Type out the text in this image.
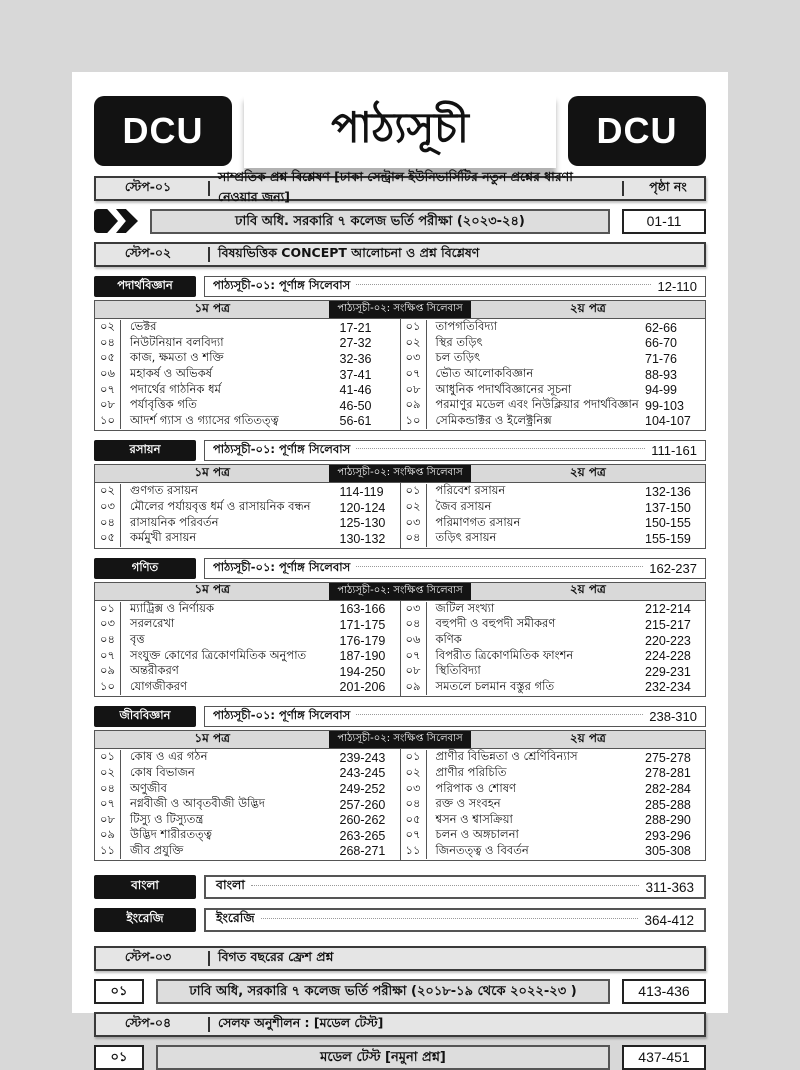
DCU	পাঠ্যসূচী	DCU
স্টেপ-০১
সাম্প্রতিক প্রশ্ন বিশ্লেষণ [ঢাকা সেন্ট্রাল ইউনিভার্সিটির নতুন প্রশ্নের ধারণা নেওয়ার জন্য]
পৃষ্ঠা নং
ঢাবি অধি. সরকারি ৭ কলেজ ভর্তি পরীক্ষা (২০২৩-২৪)	01-11
স্টেপ-০২	বিষয়ভিত্তিক CONCEPT আলোচনা ও প্রশ্ন বিশ্লেষণ
পদার্থবিজ্ঞান	পাঠ্যসূচী-০১: পূর্ণাঙ্গ সিলেবাস	12-110
১ম পত্র	পাঠ্যসূচী-০২: সংক্ষিপ্ত সিলেবাস	২য় পত্র
০২	ভেক্টর	17-21
০৪	নিউটনিয়ান বলবিদ্যা	27-32
০৫	কাজ, ক্ষমতা ও শক্তি	32-36
০৬	মহাকর্ষ ও অভিকর্ষ	37-41
০৭	পদার্থের গাঠনিক ধর্ম	41-46
০৮	পর্যাবৃত্তিক গতি	46-50
১০	আদর্শ গ্যাস ও গ্যাসের গতিতত্ত্ব	56-61
০১	তাপগতিবিদ্যা	62-66
০২	স্থির তড়িৎ	66-70
০৩	চল তড়িৎ	71-76
০৭	ভৌত আলোকবিজ্ঞান	88-93
০৮	আধুনিক পদার্থবিজ্ঞানের সূচনা	94-99
০৯	পরমাণুর মডেল এবং নিউক্লিয়ার পদার্থবিজ্ঞান 99-103
১০	সেমিকন্ডাক্টর ও ইলেক্ট্রনিক্স	104-107
রসায়ন	পাঠ্যসূচী-০১: পূর্ণাঙ্গ সিলেবাস	111-161
১ম পত্র	পাঠ্যসূচী-০২: সংক্ষিপ্ত সিলেবাস	২য় পত্র
০২	গুণগত রসায়ন	114-119
০৩	মৌলের পর্যায়বৃত্ত ধর্ম ও রাসায়নিক বন্ধন	120-124
০৪	রাসায়নিক পরিবর্তন	125-130
০৫	কর্মমুখী রসায়ন	130-132
০১	পরিবেশ রসায়ন	132-136
০২	জৈব রসায়ন	137-150
০৩	পরিমাণগত রসায়ন	150-155
০৪	তড়িৎ রসায়ন	155-159
গণিত	পাঠ্যসূচী-০১: পূর্ণাঙ্গ সিলেবাস	162-237
১ম পত্র	পাঠ্যসূচী-০২: সংক্ষিপ্ত সিলেবাস	২য় পত্র
০১	ম্যাট্রিক্স ও নির্ণায়ক	163-166
০৩	সরলরেখা	171-175
০৪	বৃত্ত	176-179
০৭	সংযুক্ত কোণের ত্রিকোণমিতিক অনুপাত	187-190
০৯	অন্তরীকরণ	194-250
১০	যোগজীকরণ	201-206
০৩	জটিল সংখ্যা	212-214
০৪	বহুপদী ও বহুপদী সমীকরণ	215-217
০৬	কণিক	220-223
০৭	বিপরীত ত্রিকোণমিতিক ফাংশন	224-228
০৮	স্থিতিবিদ্যা	229-231
০৯	সমতলে চলমান বস্তুর গতি	232-234
জীববিজ্ঞান	পাঠ্যসূচী-০১: পূর্ণাঙ্গ সিলেবাস	238-310
১ম পত্র	পাঠ্যসূচী-০২: সংক্ষিপ্ত সিলেবাস	২য় পত্র
০১	কোষ ও এর গঠন	239-243
০২	কোষ বিভাজন	243-245
০৪	অণুজীব	249-252
০৭	নগ্নবীজী ও আবৃতবীজী উদ্ভিদ	257-260
০৮	টিস্যু ও টিস্যুতন্ত্র	260-262
০৯	উদ্ভিদ শারীরতত্ত্ব	263-265
১১	জীব প্রযুক্তি	268-271
০১	প্রাণীর বিভিন্নতা ও শ্রেণিবিন্যাস	275-278
০২	প্রাণীর পরিচিতি	278-281
০৩	পরিপাক ও শোষণ	282-284
০৪	রক্ত ও সংবহন	285-288
০৫	শ্বসন ও শ্বাসক্রিয়া	288-290
০৭	চলন ও অঙ্গচালনা	293-296
১১	জিনতত্ত্ব ও বিবর্তন	305-308
বাংলা	বাংলা	311-363
ইংরেজি	ইংরেজি	364-412
স্টেপ-০৩	বিগত বছরের ফ্রেশ প্রশ্ন
০১	ঢাবি অধি, সরকারি ৭ কলেজ ভর্তি পরীক্ষা (২০১৮-১৯ থেকে ২০২২-২৩ )	413-436
স্টেপ-০৪	সেলফ অনুশীলন : [মডেল টেস্ট]
০১	মডেল টেস্ট [নমুনা প্রশ্ন]	437-451
